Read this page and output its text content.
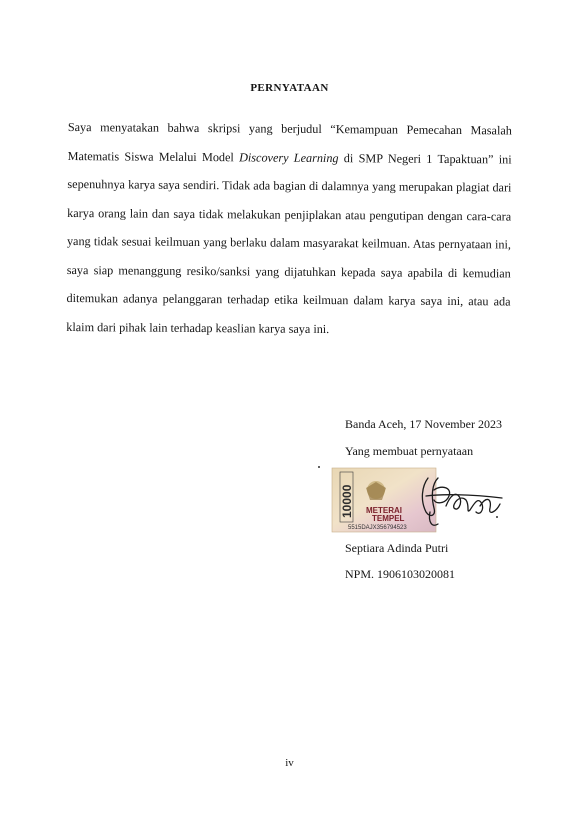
PERNYATAAN
Saya menyatakan bahwa skripsi yang berjudul “Kemampuan Pemecahan Masalah Matematis Siswa Melalui Model Discovery Learning di SMP Negeri 1 Tapaktuan” ini sepenuhnya karya saya sendiri. Tidak ada bagian di dalamnya yang merupakan plagiat dari karya orang lain dan saya tidak melakukan penjiplakan atau pengutipan dengan cara-cara yang tidak sesuai keilmuan yang berlaku dalam masyarakat keilmuan. Atas pernyataan ini, saya siap menanggung resiko/sanksi yang dijatuhkan kepada saya apabila di kemudian ditemukan adanya pelanggaran terhadap etika keilmuan dalam karya saya ini, atau ada klaim dari pihak lain terhadap keaslian karya saya ini.
Banda Aceh, 17 November 2023
Yang membuat pernyataan
Septiara Adinda Putri
NPM. 1906103020081
10000 METERAI
TEMPEL
5515DAJX356794523
iv
